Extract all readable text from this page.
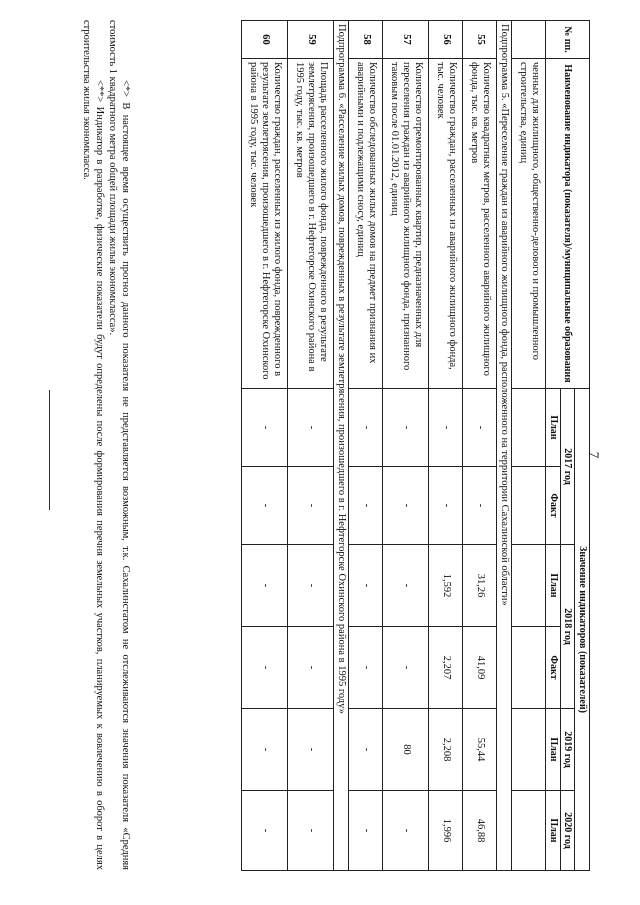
7
№ пп.	Наименование индикатора (показателя)/муниципальные образования	Значение индикаторов (показателей)					
		2017 год		2018 год		2019 год	2020 год
		План	Факт	План	Факт	План	План
	ченных для жилищного, общественно-делового и промышленного строительства, единиц						
Подпрограмма 5. «Переселение граждан из аварийного жилищного фонда, расположенного на территории Сахалинской области»							
55	Количество квадратных метров, расселенного аварийного жилищного фонда, тыс. кв. метров	-	-	31,26	41,09	55,44	46,88
56	Количество граждан, расселенных из аварийного жилищного фонда, тыс. человек	-	-	1,592	2,207	2,208	1,996
57	Количество отремонтированных квартир, предназначенных для переселения граждан из аварийного жилищного фонда, признанного таковым после 01.01.2012, единиц	-	-	-	-	80	-
58	Количество обследованных жилых домов на предмет признания их аварийными и подлежащими сносу, единиц	-	-	-	-	-	-
Подпрограмма 6. «Расселение жилых домов, поврежденных в результате землетрясения, произошедшего в г. Нефтегорске Охинского района в 1995 году»							
59	Площадь расселенного жилого фонда, поврежденного в результате землетрясения, произошедшего в г. Нефтегорске Охинского района в 1995 году, тыс. кв. метров	-	-	-	-	-	-
60	Количество граждан, расселенных из жилого фонда, поврежденного в результате землетрясения, произошедшего в г. Нефтегорске Охинского района в 1995 году, тыс. человек	-	-	-	-	-	-

<*> В настоящее время осуществить прогноз данного показателя не представляется возможным, т.к. Сахалинстатом не отслеживаются значения показателя «Средняя стоимость 1 квадратного метра общей площади жилья экономкласса».

<**> Индикатор в разработке, физические показатели будут определены после формирования перечня земельных участков, планируемых к вовлечению в оборот в целях строительства жилья экономкласса.
